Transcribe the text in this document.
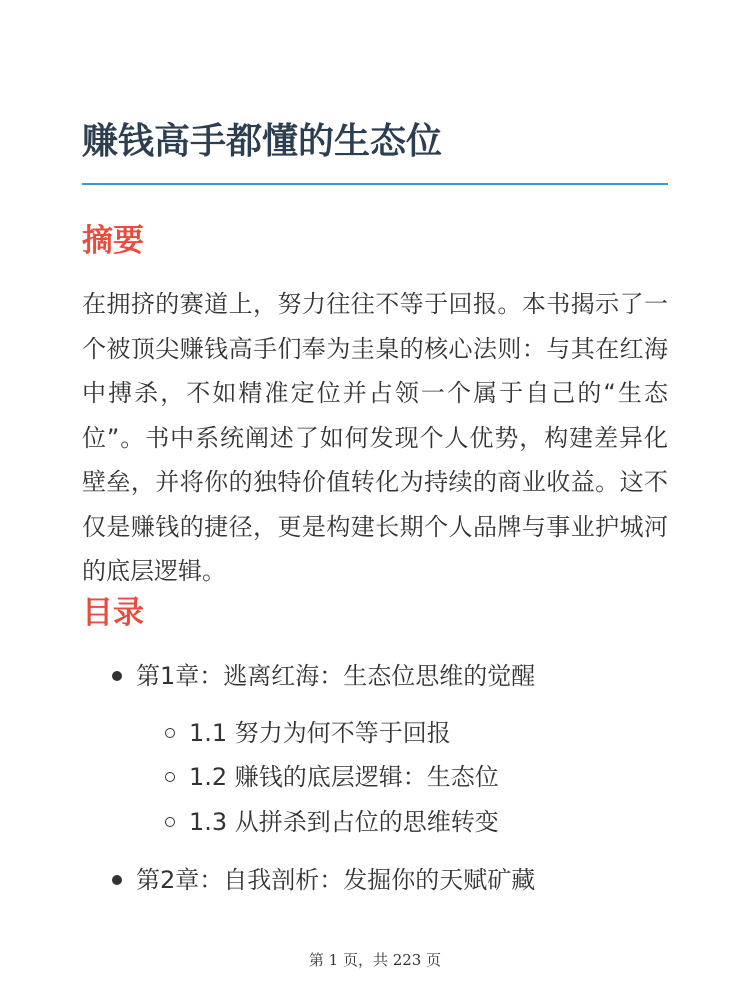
赚钱高手都懂的生态位
摘要

在拥挤的赛道上，努力往往不等于回报。本书揭示了一个被顶尖赚钱高手们奉为圭臬的核心法则：与其在红海中搏杀，不如精准定位并占领一个属于自己的“生态位”。书中系统阐述了如何发现个人优势，构建差异化壁垒，并将你的独特价值转化为持续的商业收益。这不仅是赚钱的捷径，更是构建长期个人品牌与事业护城河的底层逻辑。

目录
第1章：逃离红海：生态位思维的觉醒
1.1 努力为何不等于回报
1.2 赚钱的底层逻辑：生态位
1.3 从拼杀到占位的思维转变
第2章：自我剖析：发掘你的天赋矿藏
第 1 页，共 223 页
